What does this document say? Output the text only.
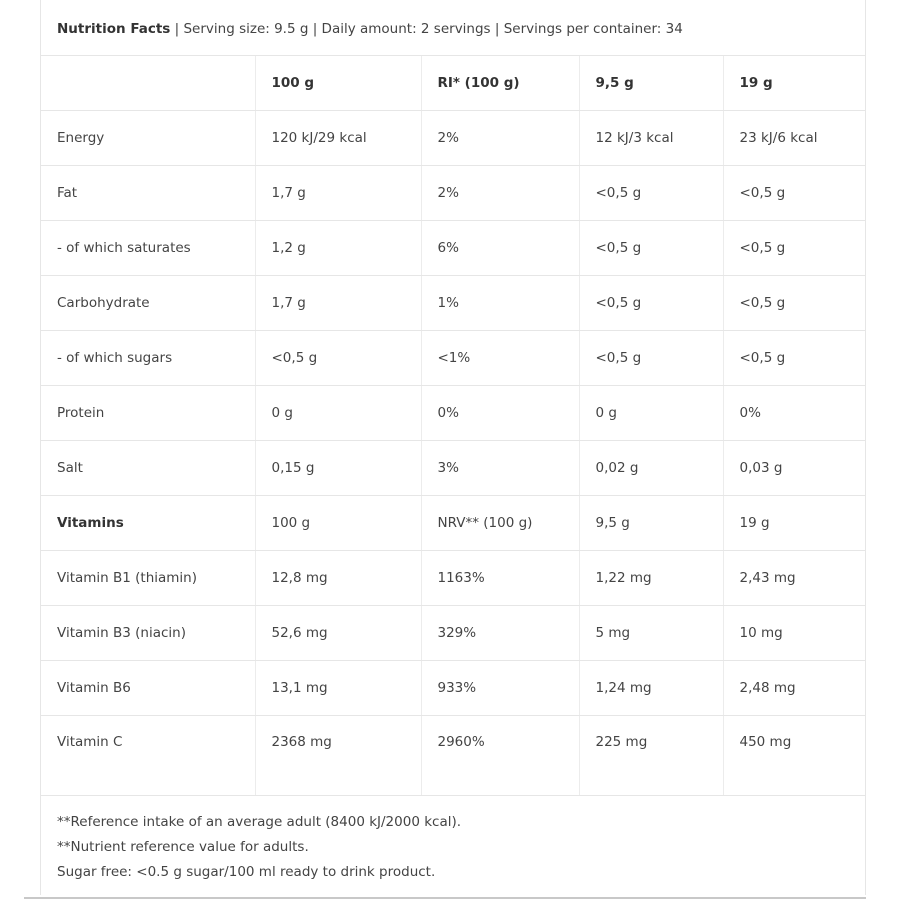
Nutrition Facts | Serving size: 9.5 g | Daily amount: 2 servings | Servings per container: 34
	100 g	RI* (100 g)	9,5 g	19 g
Energy	120 kJ/29 kcal	2%	12 kJ/3 kcal	23 kJ/6 kcal
Fat	1,7 g	2%	<0,5 g	<0,5 g
- of which saturates	1,2 g	6%	<0,5 g	<0,5 g
Carbohydrate	1,7 g	1%	<0,5 g	<0,5 g
- of which sugars	<0,5 g	<1%	<0,5 g	<0,5 g
Protein	0 g	0%	0 g	0%
Salt	0,15 g	3%	0,02 g	0,03 g
Vitamins	100 g	NRV** (100 g)	9,5 g	19 g
Vitamin B1 (thiamin)	12,8 mg	1163%	1,22 mg	2,43 mg
Vitamin B3 (niacin)	52,6 mg	329%	5 mg	10 mg
Vitamin B6	13,1 mg	933%	1,24 mg	2,48 mg
Vitamin C	2368 mg	2960%	225 mg	450 mg
**Reference intake of an average adult (8400 kJ/2000 kcal).
**Nutrient reference value for adults.
Sugar free: <0.5 g sugar/100 ml ready to drink product.
